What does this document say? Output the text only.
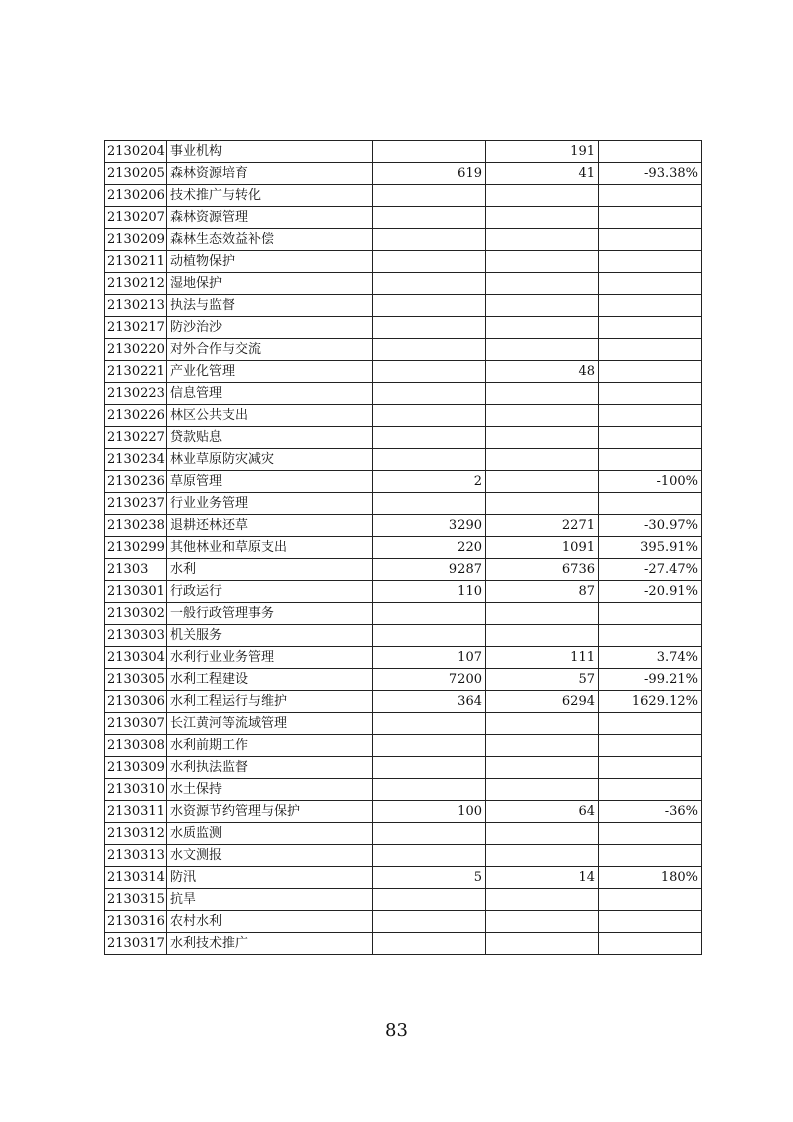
2130204	事业机构		191	
2130205	森林资源培育	619	41	-93.38%
2130206	技术推广与转化			
2130207	森林资源管理			
2130209	森林生态效益补偿			
2130211	动植物保护			
2130212	湿地保护			
2130213	执法与监督			
2130217	防沙治沙			
2130220	对外合作与交流			
2130221	产业化管理		48	
2130223	信息管理			
2130226	林区公共支出			
2130227	贷款贴息			
2130234	林业草原防灾减灾			
2130236	草原管理	2		-100%
2130237	行业业务管理			
2130238	退耕还林还草	3290	2271	-30.97%
2130299	其他林业和草原支出	220	1091	395.91%
21303	水利	9287	6736	-27.47%
2130301	行政运行	110	87	-20.91%
2130302	一般行政管理事务			
2130303	机关服务			
2130304	水利行业业务管理	107	111	3.74%
2130305	水利工程建设	7200	57	-99.21%
2130306	水利工程运行与维护	364	6294	1629.12%
2130307	长江黄河等流域管理			
2130308	水利前期工作			
2130309	水利执法监督			
2130310	水土保持			
2130311	水资源节约管理与保护	100	64	-36%
2130312	水质监测			
2130313	水文测报			
2130314	防汛	5	14	180%
2130315	抗旱			
2130316	农村水利			
2130317	水利技术推广			
83
